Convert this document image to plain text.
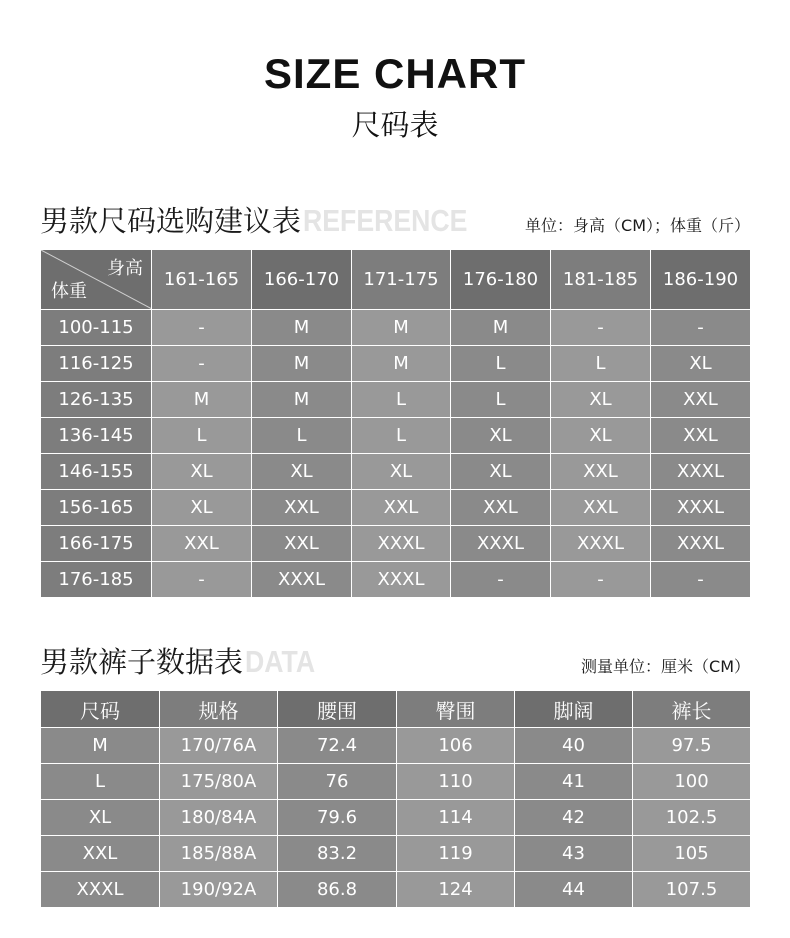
SIZE CHART
尺码表
男款尺码选购建议表REFERENCE	单位：身高（CM）；体重（斤）
身高
体重	161-165	166-170	171-175	176-180	181-185	186-190
100-115	-	M	M	M	-	-
116-125	-	M	M	L	L	XL
126-135	M	M	L	L	XL	XXL
136-145	L	L	L	XL	XL	XXL
146-155	XL	XL	XL	XL	XXL	XXXL
156-165	XL	XXL	XXL	XXL	XXL	XXXL
166-175	XXL	XXL	XXXL	XXXL	XXXL	XXXL
176-185	-	XXXL	XXXL	-	-	-
男款裤子数据表DATA	测量单位：厘米（CM）
尺码	规格	腰围	臀围	脚阔	裤长
M	170/76A	72.4	106	40	97.5
L	175/80A	76	110	41	100
XL	180/84A	79.6	114	42	102.5
XXL	185/88A	83.2	119	43	105
XXXL	190/92A	86.8	124	44	107.5
